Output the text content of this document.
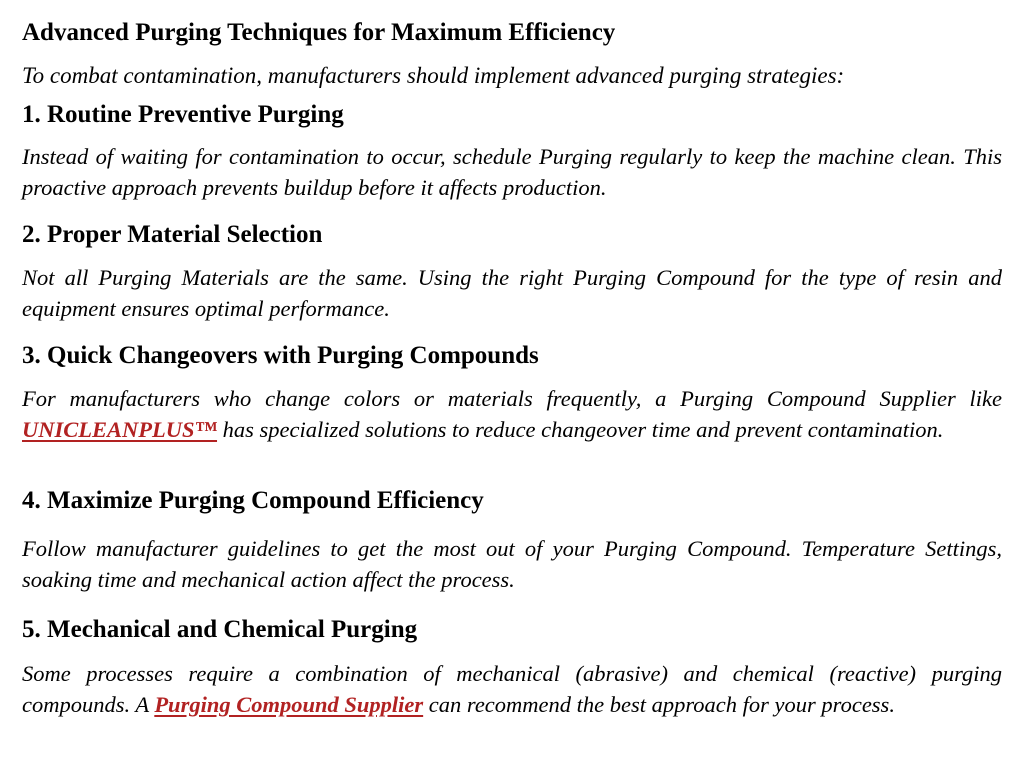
Advanced Purging Techniques for Maximum Efficiency

To combat contamination, manufacturers should implement advanced purging strategies:

1. Routine Preventive Purging

Instead of waiting for contamination to occur, schedule Purging regularly to keep the machine clean. This proactive approach prevents buildup before it affects production.

2. Proper Material Selection

Not all Purging Materials are the same. Using the right Purging Compound for the type of resin and equipment ensures optimal performance.

3. Quick Changeovers with Purging Compounds

For manufacturers who change colors or materials frequently, a Purging Compound Supplier like UNICLEANPLUS™ has specialized solutions to reduce changeover time and prevent contamination.

4. Maximize Purging Compound Efficiency

Follow manufacturer guidelines to get the most out of your Purging Compound. Temperature Settings, soaking time and mechanical action affect the process.

5. Mechanical and Chemical Purging

Some processes require a combination of mechanical (abrasive) and chemical (reactive) purging compounds. A Purging Compound Supplier can recommend the best approach for your process.
